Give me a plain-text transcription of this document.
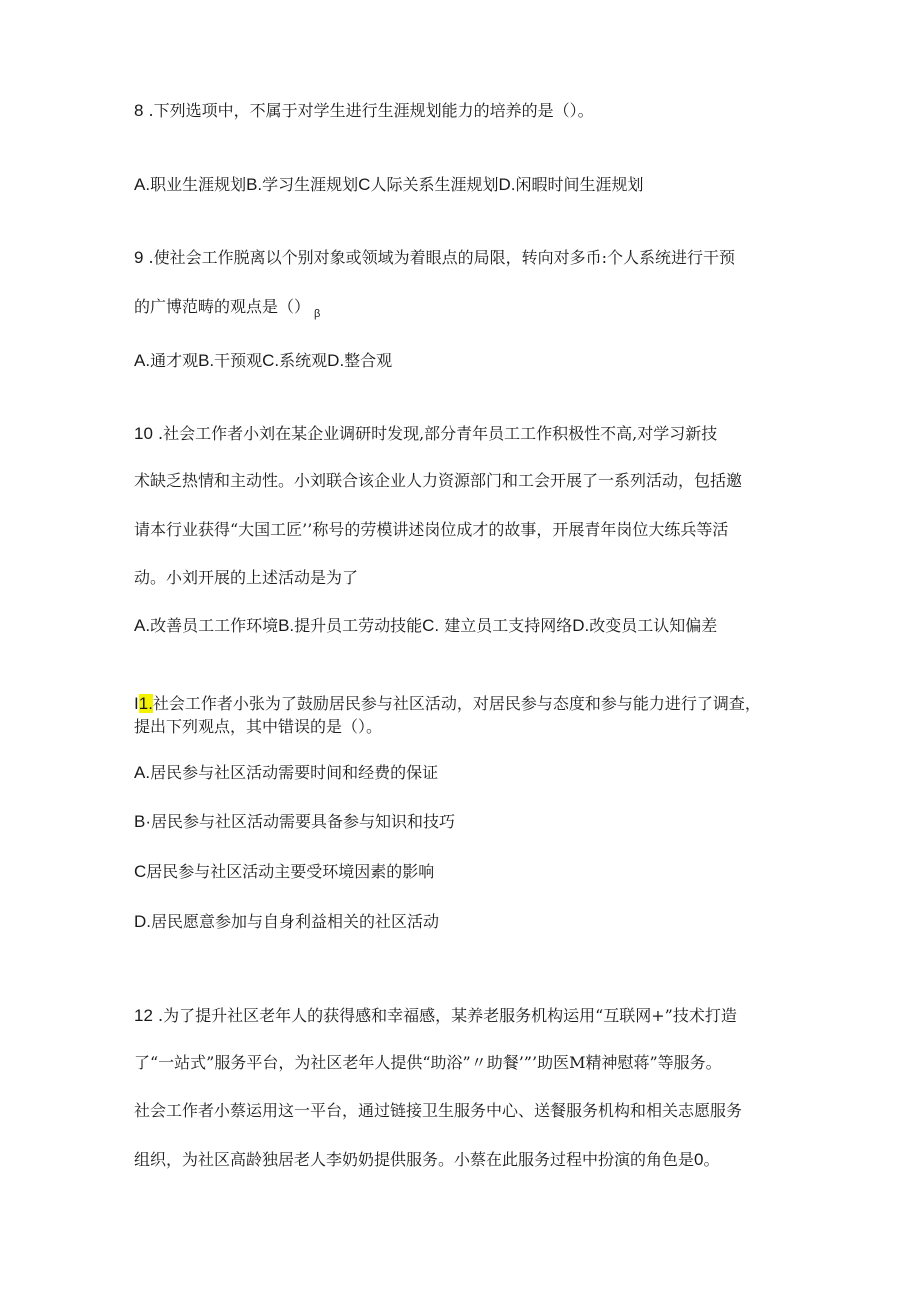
8 .下列选项中，不属于对学生进行生涯规划能力的培养的是（）。
A.职业生涯规划B.学习生涯规划C人际关系生涯规划D.闲暇时间生涯规划
9 .使社会工作脱离以个别对象或领域为着眼点的局限，转向对多币:个人系统进行干预
的广博范畴的观点是（） $_\beta$
A.通才观B.干预观C.系统观D.整合观
10 .社会工作者小刘在某企业调研时发现,部分青年员工工作积极性不高,对学习新技
术缺乏热情和主动性。小刘联合该企业人力资源部门和工会开展了一系列活动，包括邀
请本行业获得“大国工匠’’称号的劳模讲述岗位成才的故事，开展青年岗位大练兵等活
动。小刘开展的上述活动是为了
A.改善员工工作环境B.提升员工劳动技能C. 建立员工支持网络D.改变员工认知偏差
I1.社会工作者小张为了鼓励居民参与社区活动，对居民参与态度和参与能力进行了调查，
提出下列观点，其中错误的是（）。
A.居民参与社区活动需要时间和经费的保证
B·居民参与社区活动需要具备参与知识和技巧
C居民参与社区活动主要受环境因素的影响
D.居民愿意参加与自身利益相关的社区活动
12 .为了提升社区老年人的获得感和幸福感，某养老服务机构运用“互联网+”技术打造
了“一站式”服务平台，为社区老年人提供“助浴”〃助餐’”’助医M精神慰蒋”等服务。
社会工作者小蔡运用这一平台，通过链接卫生服务中心、送餐服务机构和相关志愿服务
组织，为社区高龄独居老人李奶奶提供服务。小蔡在此服务过程中扮演的角色是0。
